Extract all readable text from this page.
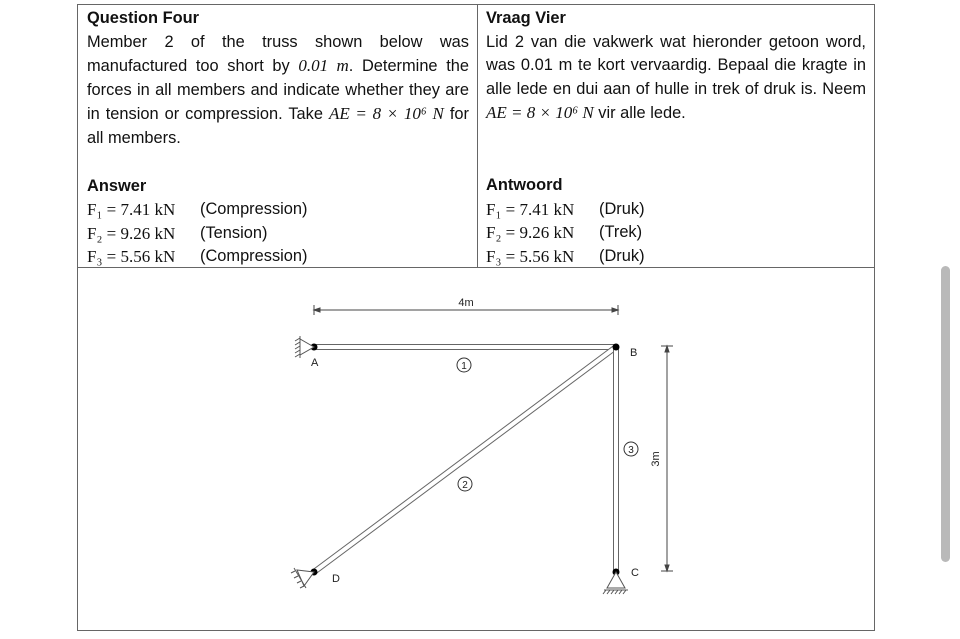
Question Four
Member 2 of the truss shown below was manufactured too short by 0.01 m. Determine the forces in all members and indicate whether they are in tension or compression. Take AE = 8 × 10⁶ N for all members.
Answer
F₁ = 7.41 kN	(Compression)
F₂ = 9.26 kN	(Tension)
F₃ = 5.56 kN	(Compression)
Vraag Vier
Lid 2 van die vakwerk wat hieronder getoon word, was 0.01 m te kort vervaardig. Bepaal die kragte in alle lede en dui aan of hulle in trek of druk is. Neem AE = 8 × 10⁶ N vir alle lede.
Antwoord
F₁ = 7.41 kN	(Druk)
F₂ = 9.26 kN	(Trek)
F₃ = 5.56 kN	(Druk)
4m
3m
A
B
C
D
1
2
3
